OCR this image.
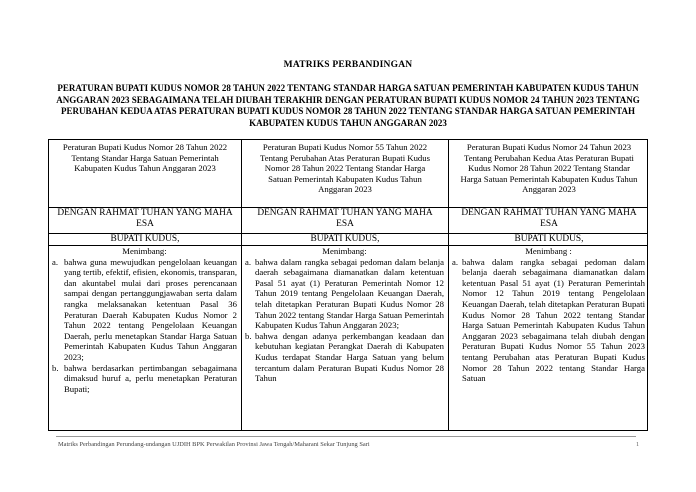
MATRIKS PERBANDINGAN
PERATURAN BUPATI KUDUS NOMOR 28 TAHUN 2022 TENTANG STANDAR HARGA SATUAN PEMERINTAH KABUPATEN KUDUS TAHUN ANGGARAN 2023 SEBAGAIMANA TELAH DIUBAH TERAKHIR DENGAN PERATURAN BUPATI KUDUS NOMOR 24 TAHUN 2023 TENTANG PERUBAHAN KEDUA ATAS PERATURAN BUPATI KUDUS NOMOR 28 TAHUN 2022 TENTANG STANDAR HARGA SATUAN PEMERINTAH KABUPATEN KUDUS TAHUN ANGGARAN 2023
Peraturan Bupati Kudus Nomor 28 Tahun 2022 Tentang Standar Harga Satuan Pemerintah Kabupaten Kudus Tahun Anggaran 2023
DENGAN RAHMAT TUHAN YANG MAHA ESA
BUPATI KUDUS,
Menimbang:
a. bahwa guna mewujudkan pengelolaan keuangan yang tertib, efektif, efisien, ekonomis, transparan, dan akuntabel mulai dari proses perencanaan sampai dengan pertanggungjawaban serta dalam rangka melaksanakan ketentuan Pasal 36 Peraturan Daerah Kabupaten Kudus Nomor 2 Tahun 2022 tentang Pengelolaan Keuangan Daerah, perlu menetapkan Standar Harga Satuan Pemerintah Kabupaten Kudus Tahun Anggaran 2023;
b. bahwa berdasarkan pertimbangan sebagaimana dimaksud huruf a, perlu menetapkan Peraturan Bupati;
Peraturan Bupati Kudus Nomor 55 Tahun 2022 Tentang Perubahan Atas Peraturan Bupati Kudus Nomor 28 Tahun 2022 Tentang Standar Harga Satuan Pemerintah Kabupaten Kudus Tahun Anggaran 2023
DENGAN RAHMAT TUHAN YANG MAHA ESA
BUPATI KUDUS,
Menimbang:
a. bahwa dalam rangka sebagai pedoman dalam belanja daerah sebagaimana diamanatkan dalam ketentuan Pasal 51 ayat (1) Peraturan Pemerintah Nomor 12 Tahun 2019 tentang Pengelolaan Keuangan Daerah, telah ditetapkan Peraturan Bupati Kudus Nomor 28 Tahun 2022 tentang Standar Harga Satuan Pemerintah Kabupaten Kudus Tahun Anggaran 2023;
b. bahwa dengan adanya perkembangan keadaan dan kebutuhan kegiatan Perangkat Daerah di Kabupaten Kudus terdapat Standar Harga Satuan yang belum tercantum dalam Peraturan Bupati Kudus Nomor 28 Tahun
Peraturan Bupati Kudus Nomor 24 Tahun 2023 Tentang Perubahan Kedua Atas Peraturan Bupati Kudus Nomor 28 Tahun 2022 Tentang Standar Harga Satuan Pemerintah Kabupaten Kudus Tahun Anggaran 2023
DENGAN RAHMAT TUHAN YANG MAHA ESA
BUPATI KUDUS,
Menimbang :
a. bahwa dalam rangka sebagai pedoman dalam belanja daerah sebagaimana diamanatkan dalam ketentuan Pasal 51 ayat (1) Peraturan Pemerintah Nomor 12 Tahun 2019 tentang Pengelolaan Keuangan Daerah, telah ditetapkan Peraturan Bupati Kudus Nomor 28 Tahun 2022 tentang Standar Harga Satuan Pemerintah Kabupaten Kudus Tahun Anggaran 2023 sebagaimana telah diubah dengan Peraturan Bupati Kudus Nomor 55 Tahun 2023 tentang Perubahan atas Peraturan Bupati Kudus Nomor 28 Tahun 2022 tentang Standar Harga Satuan
Matriks Perbandingan Perundang-undangan UJDIH BPK Perwakilan Provinsi Jawa Tengah/Maharani Sekar Tunjung Sari	1
